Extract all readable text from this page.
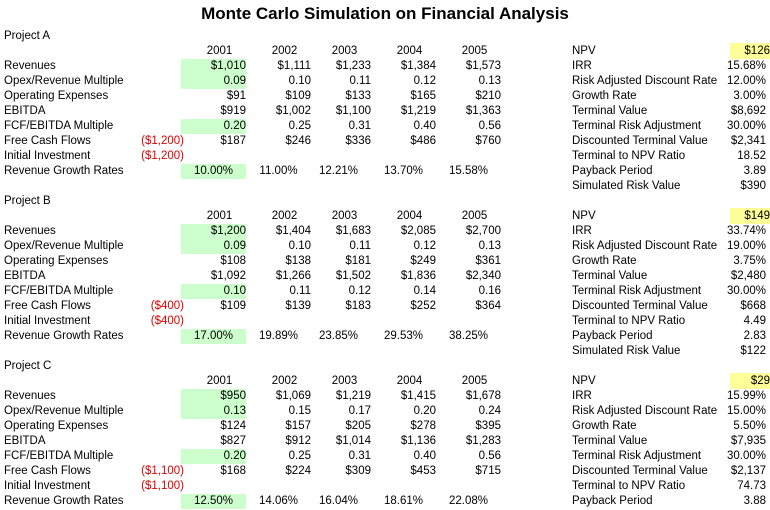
Monte Carlo Simulation on Financial Analysis
Project A
2001	2002	2003	2004	2005
Revenues	$1,010	$1,111	$1,233	$1,384	$1,573
Opex/Revenue Multiple	0.09	0.10	0.11	0.12	0.13
Operating Expenses	$91	$109	$133	$165	$210
EBITDA	$919	$1,002	$1,100	$1,219	$1,363
FCF/EBITDA Multiple	0.20	0.25	0.31	0.40	0.56
Free Cash Flows	($1,200)	$187	$246	$336	$486	$760
Initial Investment	($1,200)
Revenue Growth Rates	10.00%	11.00%	12.21%	13.70%	15.58%
NPV	$126
IRR	15.68%
Risk Adjusted Discount Rate 12.00%
Growth Rate	3.00%
Terminal Value	$8,692
Terminal Risk Adjustment	30.00%
Discounted Terminal Value	$2,341
Terminal to NPV Ratio	18.52
Payback Period	3.89
Simulated Risk Value	$390
Project B
2001	2002	2003	2004	2005
Revenues	$1,200	$1,404	$1,683	$2,085	$2,700
Opex/Revenue Multiple	0.09	0.10	0.11	0.12	0.13
Operating Expenses	$108	$138	$181	$249	$361
EBITDA	$1,092	$1,266	$1,502	$1,836	$2,340
FCF/EBITDA Multiple	0.10	0.11	0.12	0.14	0.16
Free Cash Flows	($400)	$109	$139	$183	$252	$364
Initial Investment	($400)
Revenue Growth Rates	17.00%	19.89%	23.85%	29.53%	38.25%
NPV	$149
IRR	33.74%
Risk Adjusted Discount Rate 19.00%
Growth Rate	3.75%
Terminal Value	$2,480
Terminal Risk Adjustment	30.00%
Discounted Terminal Value	$668
Terminal to NPV Ratio	4.49
Payback Period	2.83
Simulated Risk Value	$122
Project C
2001	2002	2003	2004	2005
Revenues	$950	$1,069	$1,219	$1,415	$1,678
Opex/Revenue Multiple	0.13	0.15	0.17	0.20	0.24
Operating Expenses	$124	$157	$205	$278	$395
EBITDA	$827	$912	$1,014	$1,136	$1,283
FCF/EBITDA Multiple	0.20	0.25	0.31	0.40	0.56
Free Cash Flows	($1,100)	$168	$224	$309	$453	$715
Initial Investment	($1,100)
Revenue Growth Rates	12.50%	14.06%	16.04%	18.61%	22.08%
NPV	$29
IRR	15.99%
Risk Adjusted Discount Rate 15.00%
Growth Rate	5.50%
Terminal Value	$7,935
Terminal Risk Adjustment	30.00%
Discounted Terminal Value	$2,137
Terminal to NPV Ratio	74.73
Payback Period	3.88
